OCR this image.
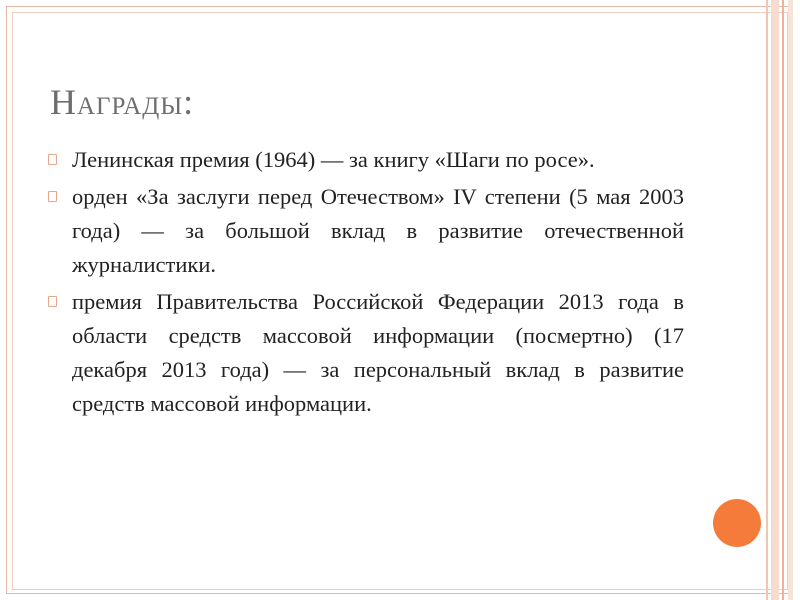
Награды:
Ленинская премия (1964) — за книгу «Шаги по росе».
орден «За заслуги перед Отечеством» IV степени (5 мая 2003 года) — за большой вклад в развитие отечественной журналистики.
премия Правительства Российской Федерации 2013 года в области средств массовой информации (посмертно) (17 декабря 2013 года) — за персональный вклад в развитие средств массовой информации.
